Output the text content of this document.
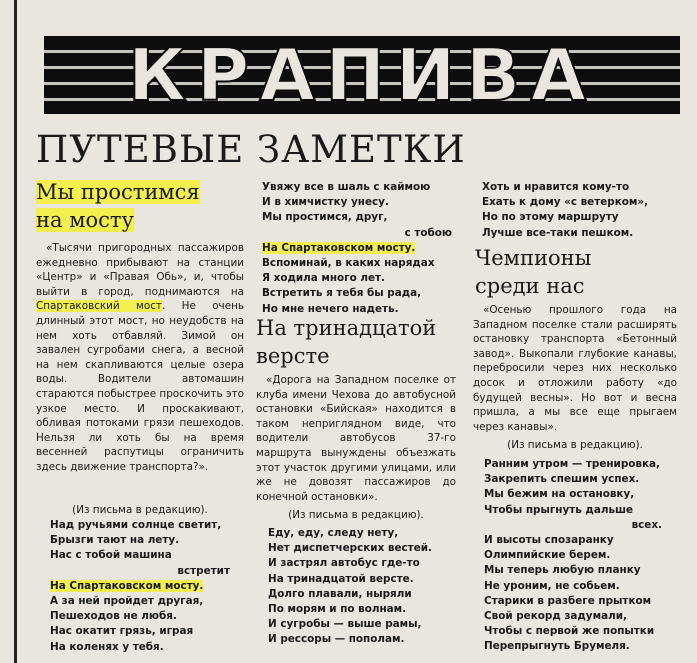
КРАПИВА
ПУТЕВЫЕ ЗАМЕТКИ
Мы простимся
на мосту
«Тысячи пригородных пассажиров ежедневно прибывают на станции «Центр» и «Правая Обь», и, чтобы выйти в город, поднимаются на Спартаковский мост. Не очень длинный этот мост, но неудобств на нем хоть отбавляй. Зимой он завален сугробами снега, а весной на нем скапливаются целые озера воды. Водители автомашин стараются побыстрее проскочить это узкое место. И проскакивают, обливая потоками грязи пешеходов. Нельзя ли хоть бы на время весенней распутицы ограничить здесь движение транспорта?».
(Из письма в редакцию).
Над ручьями солнце светит,
Брызги тают на лету.
Нас с тобой машина
встретит
На Спартаковском мосту.
А за ней пройдет другая,
Пешеходов не любя.
Нас окатит грязь, играя
На коленях у тебя.
Увяжу все в шаль с каймою
И в химчистку унесу.
Мы простимся, друг,
с тобою
На Спартаковском мосту.
Вспоминай, в каких нарядах
Я ходила много лет.
Встретить я тебя бы рада,
Но мне нечего надеть.
На тринадцатой
версте
«Дорога на Западном поселке от клуба имени Чехова до автобусной остановки «Бийская» находится в таком неприглядном виде, что водители автобусов 37-го маршрута вынуждены объезжать этот участок другими улицами, или же не довозят пассажиров до конечной остановки».
(Из письма в редакцию).
Еду, еду, следу нету,
Нет диспетчерских вестей.
И застрял автобус где-то
На тринадцатой версте.
Долго плавали, ныряли
По морям и по волнам.
И сугробы — выше рамы,
И рессоры — пополам.
Хоть и нравится кому-то
Ехать к дому «с ветерком»,
Но по этому маршруту
Лучше все-таки пешком.
Чемпионы
среди нас
«Осенью прошлого года на Западном поселке стали расширять остановку транспорта «Бетонный завод». Выкопали глубокие канавы, перебросили через них несколько досок и отложили работу «до будущей весны». Но вот и весна пришла, а мы все еще прыгаем через канавы».
(Из письма в редакцию).
Ранним утром — тренировка,
Закрепить спешим успех.
Мы бежим на остановку,
Чтобы прыгнуть дальше
всех.
И высоты спозаранку
Олимпийские берем.
Мы теперь любую планку
Не уроним, не собьем.
Старики в разбеге прытком
Свой рекорд задумали,
Чтобы с первой же попытки
Перепрыгнуть Брумеля.
